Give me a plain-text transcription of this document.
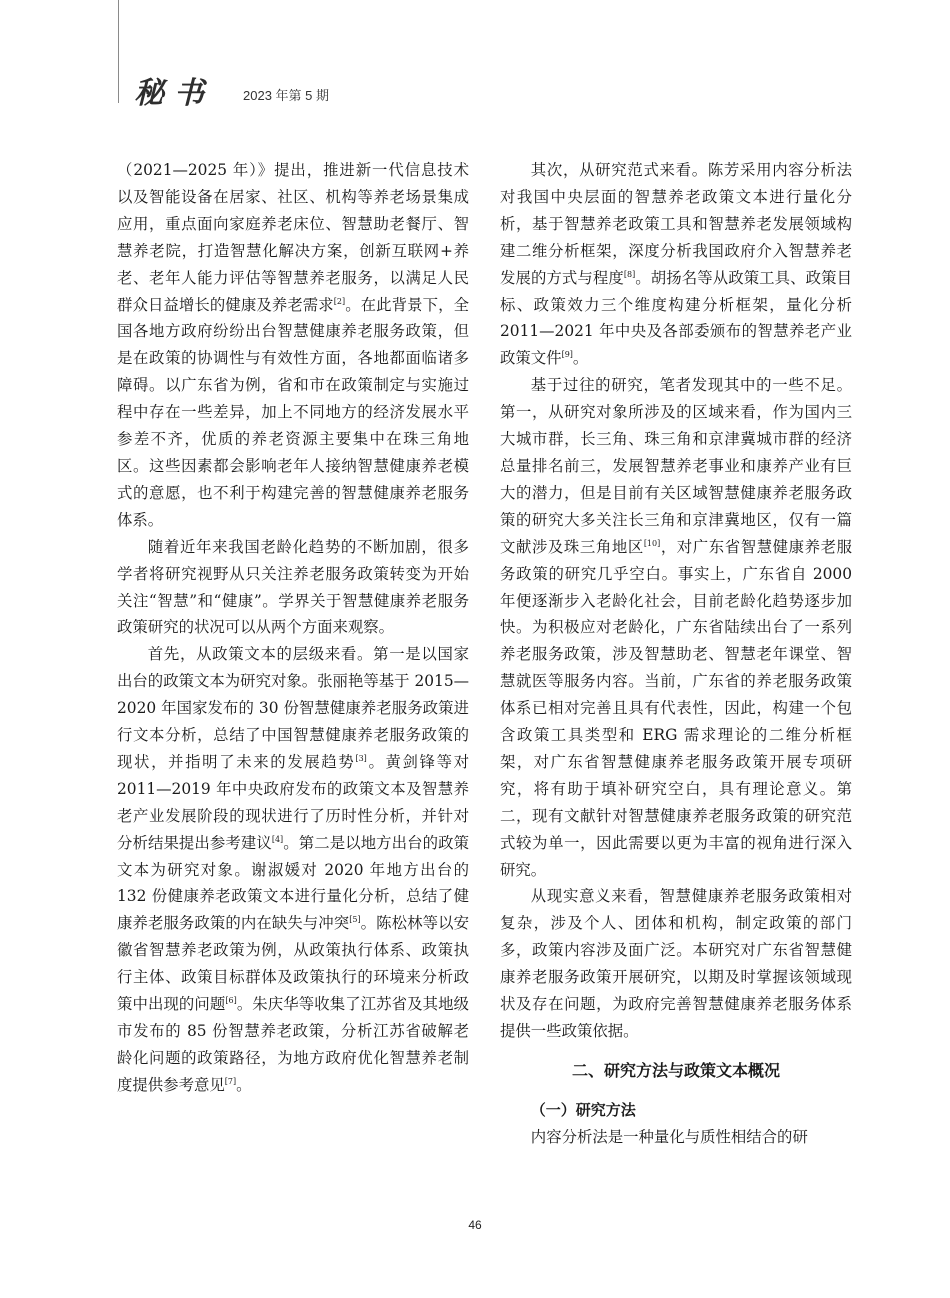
秘书 2023 年第 5 期

（2021—2025 年）》提出，推进新一代信息技术以及智能设备在居家、社区、机构等养老场景集成应用，重点面向家庭养老床位、智慧助老餐厅、智慧养老院，打造智慧化解决方案，创新互联网+养老、老年人能力评估等智慧养老服务，以满足人民群众日益增长的健康及养老需求[2]。在此背景下，全国各地方政府纷纷出台智慧健康养老服务政策，但是在政策的协调性与有效性方面，各地都面临诸多障碍。以广东省为例，省和市在政策制定与实施过程中存在一些差异，加上不同地方的经济发展水平参差不齐，优质的养老资源主要集中在珠三角地区。这些因素都会影响老年人接纳智慧健康养老模式的意愿，也不利于构建完善的智慧健康养老服务体系。

随着近年来我国老龄化趋势的不断加剧，很多学者将研究视野从只关注养老服务政策转变为开始关注“智慧”和“健康”。学界关于智慧健康养老服务政策研究的状况可以从两个方面来观察。

首先，从政策文本的层级来看。第一是以国家出台的政策文本为研究对象。张丽艳等基于 2015—2020 年国家发布的 30 份智慧健康养老服务政策进行文本分析，总结了中国智慧健康养老服务政策的现状，并指明了未来的发展趋势[3]。黄剑锋等对 2011—2019 年中央政府发布的政策文本及智慧养老产业发展阶段的现状进行了历时性分析，并针对分析结果提出参考建议[4]。第二是以地方出台的政策文本为研究对象。谢淑媛对 2020 年地方出台的 132 份健康养老政策文本进行量化分析，总结了健康养老服务政策的内在缺失与冲突[5]。陈松林等以安徽省智慧养老政策为例，从政策执行体系、政策执行主体、政策目标群体及政策执行的环境来分析政策中出现的问题[6]。朱庆华等收集了江苏省及其地级市发布的 85 份智慧养老政策，分析江苏省破解老龄化问题的政策路径，为地方政府优化智慧养老制度提供参考意见[7]。

其次，从研究范式来看。陈芳采用内容分析法对我国中央层面的智慧养老政策文本进行量化分析，基于智慧养老政策工具和智慧养老发展领域构建二维分析框架，深度分析我国政府介入智慧养老发展的方式与程度[8]。胡扬名等从政策工具、政策目标、政策效力三个维度构建分析框架，量化分析 2011—2021 年中央及各部委颁布的智慧养老产业政策文件[9]。

基于过往的研究，笔者发现其中的一些不足。第一，从研究对象所涉及的区域来看，作为国内三大城市群，长三角、珠三角和京津冀城市群的经济总量排名前三，发展智慧养老事业和康养产业有巨大的潜力，但是目前有关区域智慧健康养老服务政策的研究大多关注长三角和京津冀地区，仅有一篇文献涉及珠三角地区[10]，对广东省智慧健康养老服务政策的研究几乎空白。事实上，广东省自 2000 年便逐渐步入老龄化社会，目前老龄化趋势逐步加快。为积极应对老龄化，广东省陆续出台了一系列养老服务政策，涉及智慧助老、智慧老年课堂、智慧就医等服务内容。当前，广东省的养老服务政策体系已相对完善且具有代表性，因此，构建一个包含政策工具类型和 ERG 需求理论的二维分析框架，对广东省智慧健康养老服务政策开展专项研究，将有助于填补研究空白，具有理论意义。第二，现有文献针对智慧健康养老服务政策的研究范式较为单一，因此需要以更为丰富的视角进行深入研究。

从现实意义来看，智慧健康养老服务政策相对复杂，涉及个人、团体和机构，制定政策的部门多，政策内容涉及面广泛。本研究对广东省智慧健康养老服务政策开展研究，以期及时掌握该领域现状及存在问题，为政府完善智慧健康养老服务体系提供一些政策依据。

二、研究方法与政策文本概况

（一）研究方法

内容分析法是一种量化与质性相结合的研

46
